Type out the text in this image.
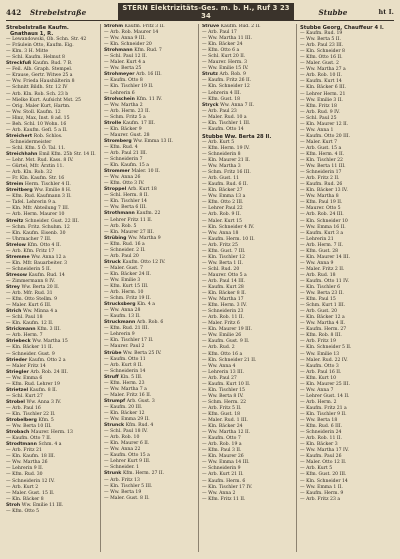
442	Strebelstraße	STERN Elektrizitäts-Ges. m. b. H., Ruf 3 23 34	Stubbe	ht I.
Strebelstraße Kaufm. Gnathaus 1, R.
— Lewandowski, Ob. Schn. Str. 42
— Fräulein Otto, Kaufm. Eig.
— Klm. 3 H. Mitte
— Schl. Kaufm. Helmut 8
Streckfuß Kaufm. Rud. 7 B.
— Feil. Alb. Graph. Stempel.
— Krause, Gertr. Witwe 25 a
— Ww. Frieda Haushälterin 8
— Schnitt Bildh. Str. 12 IV
— Arb. Kln. Rob. Sch. 23 b
— Mielke Kurt. Aufsicht Mst. 25
— Orig. Maler Kurt, Hartm.
— Ww. Stoll. Kaufm. 12
— Hinz, Max, Inst. 8 ad. 15
— Beh. Schl. 10 Wohn. 16
— Arb. Kaufm. Gefl. 5 a II.
Streichert Rob. Schlos. Schneidermeister
— Schl. Kfm. 5 Ö. Tal. 11.
Streichhahn Emil Kfm. 25b Str. 14 II.
— Lehr. Mst. Rud. Kass. 8 IV.
— Gürtel, Mfr. Ärztin 11.
— Arb. Kln. Rob. 32
— Fr. Kln. Kaufm. Str. 16
Streim Herm. Tischler 4 II.
Streitberg Ww. Emilie 8 H.
— Kfm. Rud. Kaufmann 3 II.
— Tafel. Lehrerin 9 a.
— Kln. Mfr. Abteilung 7 III.
— Arb. Herm. Maurer 10
Streitz Schneider. Gust. 22 III.
— Schm. Fritz. Schuhm. 12
— Kln. Kaufm. Eisenb. 30
— Uhrmacher 7 III.
Strelow Kfm. Otto 4 II.
— Arb. Kfm. Fritz 17
Stremme Ww. Anna 12 a
— Kln. Mfr. Bauarbeiter. 3
— Schneiderin 5 II.
Stresow Kaufm. Rud. 14
— Zimmermann 8 IV.
Strey Ww. Berta 20 II.
— Arb. Mfr. Rud. 31
— Kfm. Otto Stellm. 9
— Maler. Kurt 6 III.
Strich Ww. Minna 4 a
— Schl. Paul 18
— Kln. Kaufm. 12 II.
Strickmann Kfm. 3 III.
— Arb. Herm. 7
Striebeck Ww. Martha 15
— Kln. Bäcker 11 II.
— Schneider. Gust. 9
Strieder Kaufm. Otto 2 a
— Maler Fritz 14
Striegler Arb. Rob. 24 III.
— Ww. Emma 6
— Kfm. Rud. Lehrer 19
Strietzel Kaufm. 8 II.
— Schl. Kurt 27
Strobel Ww. Anna 3 IV.
— Arb. Paul 16
— Kln. Tischler 22 II.
Strobelberg Kfm. 5
— Ww. Berta 10 III.
Strobach Maurer. Herm. 13
— Kaufm. Otto 7 II.
Strodtmann Schm. 4 a
— Arb. Fritz 21
— Kln. Kaufm. 18 III.
— Ww. Martha 26
— Lehrerin 9 II.
— Kfm. Rud. 30
— Schneiderin 12 IV.
— Arb. Kurt 2
— Maler. Gust. 15 II.
— Kln. Bäcker 8
Stroh Ww. Emilie 11 III.
— Kfm. Otto 5
Strohm Kaufm. Fritz 3 II.
— Arb. Rob. Maurer 14
— Ww. Anna 9 III.
— Kln. Schneider 20
Strohmann Kfm. Rud. 7
— Schl. Paul 12 II.
— Maler. Kurt 4 a
— Ww. Berta 25
Strohmeyer Arb. 16 III.
— Kaufm. Otto 8
— Kln. Tischler 19 II.
— Lehrerin 6
Strohschein Kfm. 11 IV.
— Ww. Martha 2
— Arb. Herm. 23 II.
— Schm. Fritz 5 a
Strolle Kaufm. 17 III.
— Kln. Bäcker 9
— Maurer. Gust. 28
Stromberg Ww. Emma 13 II.
— Kfm. Rud. 4
— Arb. Paul 21 III.
— Schneiderin 7
— Kln. Kaufm. 15 a
Strommer Maler. 10 II.
— Ww. Anna 26
— Kfm. Otto 3 IV.
Stroppel Arb. Kurt 18
— Schl. Herm. 8 II.
— Kln. Tischler 14
— Ww. Berta 6 III.
Strothmann Kaufm. 22
— Lehrer Fritz 11 II.
— Arb. Rob. 5
— Kln. Maurer 27 III.
Strübing Ww. Martha 9
— Kfm. Rud. 16 a
— Schneider. 2 II.
— Arb. Paul 20
Struck Kaufm. Otto 12 IV.
— Maler. Gust. 7
— Kln. Bäcker 24 II.
— Ww. Emilie 3
— Kfm. Kurt 15 III.
— Arb. Herm. 10
— Schm. Fritz 19 II.
Strucksberg Kln. 4 a
— Ww. Anna 28
— Kaufm. 13 II.
Struckmann Arb. Rob. 6
— Kfm. Rud. 21 III.
— Lehrerin 9
— Kln. Tischler 17 II.
— Maurer. Paul 2
Strübe Ww. Berta 25 IV.
— Kaufm. Otto 11
— Arb. Kurt 8 II.
— Schneiderin 14
Struff Kln. 5 III.
— Kfm. Herm. 23
— Ww. Martha 7 a
— Maler. Fritz 16 II.
Strumpf Arb. Gust. 3
— Kaufm. 20 III.
— Kln. Bäcker 12
— Ww. Emma 29 II.
Strunck Kfm. Rud. 4
— Schl. Paul 18 IV.
— Arb. Rob. 10
— Kln. Maurer 6 II.
— Ww. Anna 22
— Kaufm. Otto 15 a
— Lehrer Kurt 9 III.
— Schneider. 1
Strunk Kfm. Herm. 27 II.
— Arb. Fritz 13
— Kln. Tischler 5 III.
— Ww. Berta 19
— Maler. Gust. 8 II.
Struve Kaufm. Rud. 2 II.
— Arb. Paul 17
— Ww. Martha 11 III.
— Kln. Bäcker 24
— Kfm. Otto 6 a
— Schl. Kurt 20 II.
— Maurer. Herm. 3
— Ww. Emilie 15 IV.
Strutz Arb. Rob. 9
— Kaufm. Fritz 26 II.
— Kln. Schneider 12
— Lehrerin 4 III.
— Kfm. Gust. 18
Stryck Ww. Anna 7 II.
— Arb. Paul 23
— Maler. Rud. 10 a
— Kln. Tischler 1 III.
— Kaufm. Otto 14
Stubbe Ww. Berta 28 II.
— Arb. Kurt 5
— Kfm. Herm. 19 IV.
— Schneiderin 8
— Kln. Maurer 21 II.
— Ww. Martha 3
— Schm. Fritz 16 III.
— Arb. Gust. 11
— Kaufm. Rud. 6 II.
— Kln. Bäcker 27
— Ww. Emma 13 a
— Kfm. Otto 2 III.
— Lehrer Paul 22
— Arb. Rob. 9 II.
— Maler. Kurt 15
— Kln. Schneider 4 IV.
— Ww. Anna 18
— Kaufm. Herm. 10 II.
— Arb. Fritz 25
— Kfm. Gust. 7 III.
— Kln. Tischler 12
— Ww. Berta 1 II.
— Schl. Rud. 20
— Maurer. Otto 5 a
— Arb. Paul 14 III.
— Kaufm. Kurt 28
— Kln. Bäcker 8 II.
— Ww. Martha 17
— Kfm. Herm. 3 IV.
— Schneiderin 23
— Arb. Rob. 11 II.
— Maler. Fritz 6
— Kln. Maurer 19 III.
— Ww. Emilie 26
— Kaufm. Gust. 9 II.
— Arb. Rud. 2
— Kfm. Otto 16 a
— Kln. Schneider 21 II.
— Ww. Anna 4
— Lehrerin 13 III.
— Arb. Paul 27
— Kaufm. Kurt 10 II.
— Kln. Tischler 15
— Ww. Berta 8 IV.
— Schm. Herm. 22
— Arb. Fritz 5 II.
— Kfm. Gust. 18
— Maler. Rud. 1 III.
— Kln. Bäcker 24
— Ww. Martha 12 II.
— Kaufm. Otto 7
— Arb. Rob. 19 a
— Kfm. Paul 3 II.
— Kln. Maurer 26
— Ww. Emma 14 III.
— Schneiderin 9
— Arb. Kurt 21 II.
— Kaufm. Herm. 6
— Kln. Tischler 17 IV.
— Ww. Anna 2
— Kfm. Fritz 11 II.
Stubbe Georg, Chauffeur 4 I.
— Kaufm. Rud. 19
— Ww. Berta 5 II.
— Arb. Paul 23 III.
— Kln. Schneider 8
— Kfm. Otto 16 II.
— Maler. Gust. 2
— Ww. Martha 27 a
— Arb. Rob. 10 II.
— Kaufm. Kurt 14
— Kln. Bäcker 6 III.
— Lehrer Herm. 21
— Ww. Emilie 3 II.
— Kfm. Fritz 18
— Arb. Rud. 9 IV.
— Schl. Paul 25
— Kln. Maurer 12 II.
— Ww. Anna 1
— Kaufm. Otto 20 III.
— Maler. Kurt 7
— Arb. Gust. 15 a
— Kfm. Herm. 4 II.
— Kln. Tischler 22
— Ww. Berta 11 III.
— Schneiderin 17
— Arb. Fritz 2 II.
— Kaufm. Rud. 26
— Kln. Bäcker 13 IV.
— Ww. Martha 8
— Kfm. Paul 19 II.
— Maurer. Otto 5
— Arb. Rob. 24 III.
— Kln. Schneider 10
— Ww. Emma 16 II.
— Kaufm. Kurt 3 a
— Lehrerin 21
— Arb. Herm. 7 II.
— Kfm. Gust. 28
— Kln. Maurer 14 III.
— Ww. Anna 9
— Maler. Fritz 2 II.
— Arb. Rud. 18
— Kaufm. Otto 11 IV.
— Kln. Tischler 6
— Ww. Berta 23 II.
— Kfm. Paul 15
— Schm. Kurt 1 III.
— Arb. Gust. 20
— Kln. Bäcker 12 a
— Ww. Martha 4 II.
— Kaufm. Herm. 27
— Kfm. Rob. 8 III.
— Arb. Fritz 19
— Kln. Schneider 5 II.
— Ww. Emilie 13
— Maler. Rud. 22 IV.
— Kaufm. Otto 3
— Arb. Paul 16 II.
— Kfm. Kurt 10
— Kln. Maurer 25 III.
— Ww. Anna 7
— Lehrer Gust. 14 II.
— Arb. Herm. 2
— Kaufm. Fritz 21 a
— Kln. Tischler 9 II.
— Ww. Berta 18
— Kfm. Rud. 6 III.
— Schneiderin 24
— Arb. Rob. 11 II.
— Kln. Bäcker 3
— Ww. Martha 17 IV.
— Kaufm. Paul 26
— Maler. Otto 12 II.
— Arb. Kurt 5
— Kfm. Gust. 20 III.
— Kln. Schneider 14
— Ww. Emma 1 II.
— Kaufm. Herm. 9
— Arb. Fritz 23 a
